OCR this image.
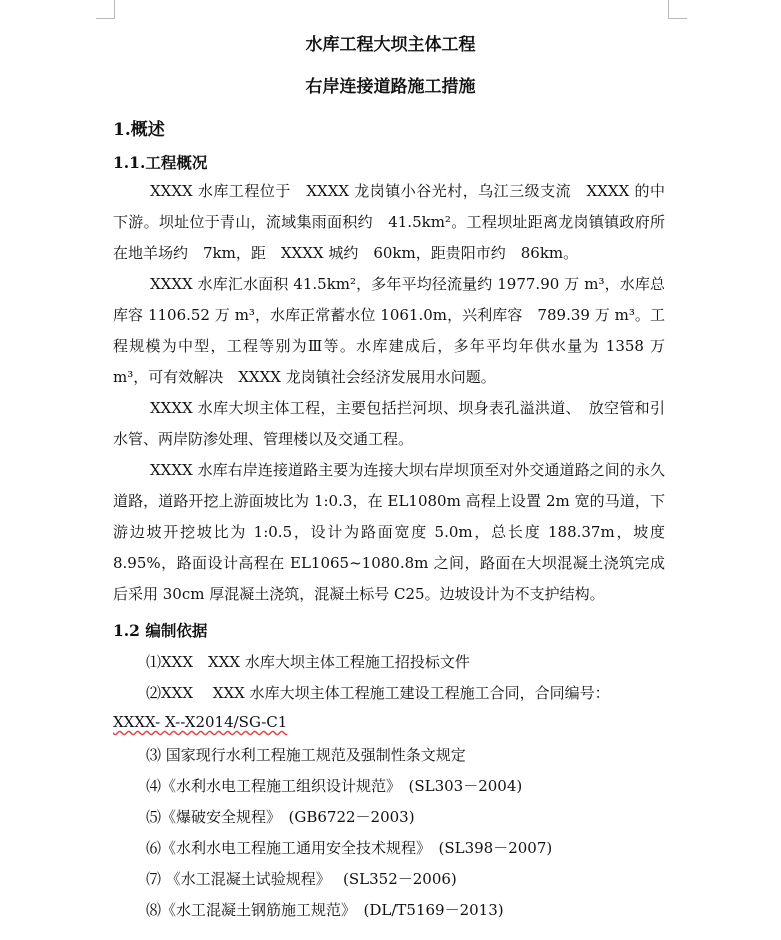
水库工程大坝主体工程
右岸连接道路施工措施
1.概述
1.1.工程概况

XXXX 水库工程位于　XXXX 龙岗镇小谷光村，乌江三级支流　XXXX 的中下游。坝址位于青山，流域集雨面积约　41.5km²。工程坝址距离龙岗镇镇政府所在地羊场约　7km，距　XXXX 城约　60km，距贵阳市约　86km。

XXXX 水库汇水面积 41.5km²，多年平均径流量约 1977.90 万 m³，水库总库容 1106.52 万 m³，水库正常蓄水位 1061.0m，兴利库容　789.39 万 m³。工程规模为中型，工程等别为Ⅲ等。水库建成后，多年平均年供水量为 1358 万 m³，可有效解决　XXXX 龙岗镇社会经济发展用水问题。

XXXX 水库大坝主体工程，主要包括拦河坝、坝身表孔溢洪道、　放空管和引水管、两岸防渗处理、管理楼以及交通工程。

XXXX 水库右岸连接道路主要为连接大坝右岸坝顶至对外交通道路之间的永久道路，道路开挖上游面坡比为 1:0.3，在 EL1080m 高程上设置 2m 宽的马道，下游边坡开挖坡比为 1:0.5，设计为路面宽度 5.0m，总长度 188.37m，坡度 8.95%，路面设计高程在 EL1065~1080.8m 之间，路面在大坝混凝土浇筑完成后采用 30cm 厚混凝土浇筑，混凝土标号 C25。边坡设计为不支护结构。

1.2 编制依据
⑴XXX　XXX 水库大坝主体工程施工招投标文件
⑵XXX　 XXX 水库大坝主体工程施工建设工程施工合同，合同编号：
XXXX- X--X2014/SG-C1
⑶ 国家现行水利工程施工规范及强制性条文规定
⑷《水利水电工程施工组织设计规范》　(SL303－2004)
⑸《爆破安全规程》　(GB6722－2003)
⑹《水利水电工程施工通用安全技术规程》　(SL398－2007)
⑺ 《水工混凝土试验规程》　 (SL352－2006)
⑻《水工混凝土钢筋施工规范》　(DL/T5169－2013)
